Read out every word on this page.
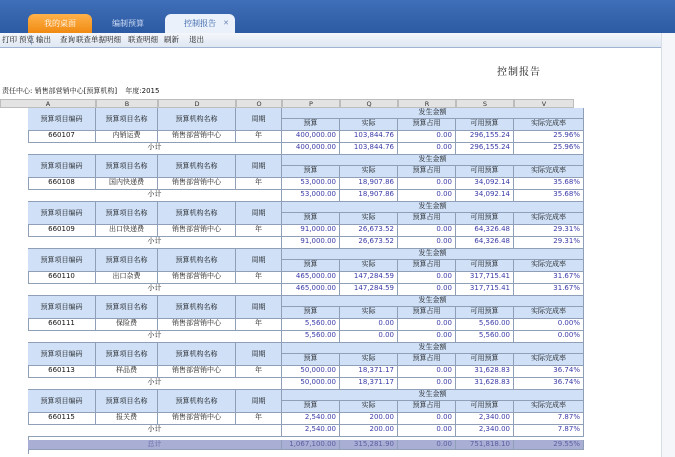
我的桌面	编制预算	控制报告 ✕
打印 预览 输出 查询 联查单据明细 联查明细 刷新 退出
控制报告
责任中心: 销售部营销中心[预算机构] 年度:2015
A	B	D	O	P	Q	R	S	V
预算项目编码	预算项目名称	预算机构名称	周期
发生金额
预算	实际	预算占用	可用预算	实际完成率
660107	内销运费	销售部营销中心	年	400,000.00	103,844.76	0.00	296,155.24	25.96%
小计	400,000.00	103,844.76	0.00	296,155.24	25.96%
预算项目编码	预算项目名称	预算机构名称	周期
发生金额
预算	实际	预算占用	可用预算	实际完成率
660108	国内快递费	销售部营销中心	年	53,000.00	18,907.86	0.00	34,092.14	35.68%
小计	53,000.00	18,907.86	0.00	34,092.14	35.68%
预算项目编码	预算项目名称	预算机构名称	周期
发生金额
预算	实际	预算占用	可用预算	实际完成率
660109	出口快递费	销售部营销中心	年	91,000.00	26,673.52	0.00	64,326.48	29.31%
小计	91,000.00	26,673.52	0.00	64,326.48	29.31%
预算项目编码	预算项目名称	预算机构名称	周期
发生金额
预算	实际	预算占用	可用预算	实际完成率
660110	出口杂费	销售部营销中心	年	465,000.00	147,284.59	0.00	317,715.41	31.67%
小计	465,000.00	147,284.59	0.00	317,715.41	31.67%
预算项目编码	预算项目名称	预算机构名称	周期
发生金额
预算	实际	预算占用	可用预算	实际完成率
660111	保险费	销售部营销中心	年	5,560.00	0.00	0.00	5,560.00	0.00%
小计	5,560.00	0.00	0.00	5,560.00	0.00%
预算项目编码	预算项目名称	预算机构名称	周期
发生金额
预算	实际	预算占用	可用预算	实际完成率
660113	样品费	销售部营销中心	年	50,000.00	18,371.17	0.00	31,628.83	36.74%
小计	50,000.00	18,371.17	0.00	31,628.83	36.74%
预算项目编码	预算项目名称	预算机构名称	周期
发生金额
预算	实际	预算占用	可用预算	实际完成率
660115	报关费	销售部营销中心	年	2,540.00	200.00	0.00	2,340.00	7.87%
小计	2,540.00	200.00	0.00	2,340.00	7.87%
总计	1,067,100.00	315,281.90	0.00	751,818.10	29.55%
